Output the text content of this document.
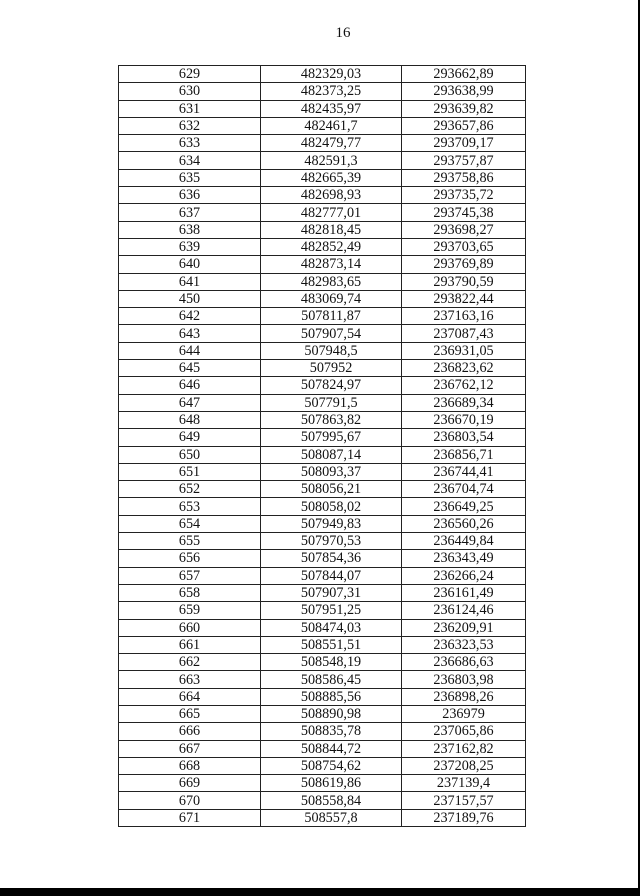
16
629	482329,03	293662,89
630	482373,25	293638,99
631	482435,97	293639,82
632	482461,7	293657,86
633	482479,77	293709,17
634	482591,3	293757,87
635	482665,39	293758,86
636	482698,93	293735,72
637	482777,01	293745,38
638	482818,45	293698,27
639	482852,49	293703,65
640	482873,14	293769,89
641	482983,65	293790,59
450	483069,74	293822,44
642	507811,87	237163,16
643	507907,54	237087,43
644	507948,5	236931,05
645	507952	236823,62
646	507824,97	236762,12
647	507791,5	236689,34
648	507863,82	236670,19
649	507995,67	236803,54
650	508087,14	236856,71
651	508093,37	236744,41
652	508056,21	236704,74
653	508058,02	236649,25
654	507949,83	236560,26
655	507970,53	236449,84
656	507854,36	236343,49
657	507844,07	236266,24
658	507907,31	236161,49
659	507951,25	236124,46
660	508474,03	236209,91
661	508551,51	236323,53
662	508548,19	236686,63
663	508586,45	236803,98
664	508885,56	236898,26
665	508890,98	236979
666	508835,78	237065,86
667	508844,72	237162,82
668	508754,62	237208,25
669	508619,86	237139,4
670	508558,84	237157,57
671	508557,8	237189,76
